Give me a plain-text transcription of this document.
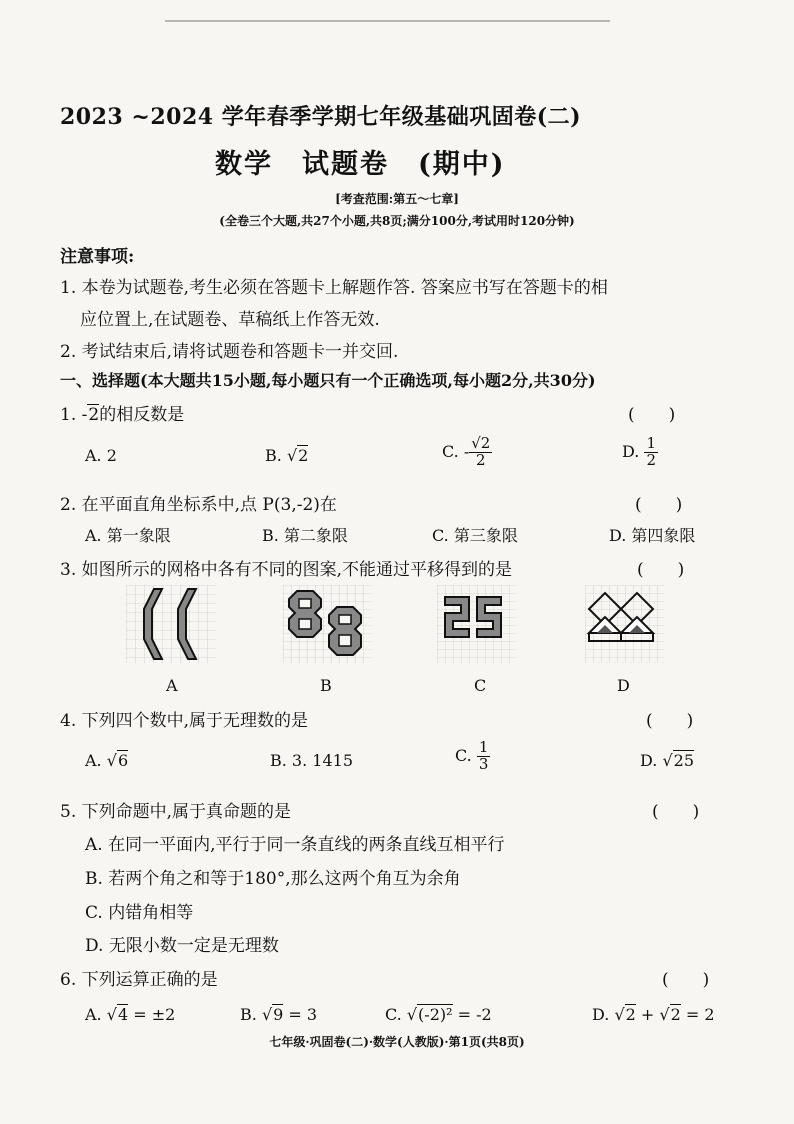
2023 ~2024 学年春季学期七年级基础巩固卷(二)
数学　试题卷　(期中)
[考查范围:第五～七章]
(全卷三个大题,共27个小题,共8页;满分100分,考试用时120分钟)
注意事项:
1. 本卷为试题卷,考生必须在答题卡上解题作答. 答案应书写在答题卡的相
应位置上,在试题卷、草稿纸上作答无效.
2. 考试结束后,请将试题卷和答题卡一并交回.
一、选择题(本大题共15小题,每小题只有一个正确选项,每小题2分,共30分)
1. -2的相反数是	(　　)
A. 2	B. √2	C. - $\frac{√2}{2}$	D. $\frac{1}{2}$
2. 在平面直角坐标系中,点 P(3,-2)在	(　　)
A. 第一象限	B. 第二象限	C. 第三象限	D. 第四象限
3. 如图所示的网格中各有不同的图案,不能通过平移得到的是	(　　)
A	B	C	D
4. 下列四个数中,属于无理数的是	(　　)
A. √6	B. 3. 1415	C. $\frac{1}{3}$	D. √25
5. 下列命题中,属于真命题的是	(　　)
A. 在同一平面内,平行于同一条直线的两条直线互相平行
B. 若两个角之和等于180°,那么这两个角互为余角
C. 内错角相等
D. 无限小数一定是无理数
6. 下列运算正确的是	(　　)
A. √4 = ±2	B. √9 = 3	C. √(-2)² = -2	D. √2 + √2 = 2
七年级·巩固卷(二)·数学(人教版)·第1页(共8页)
